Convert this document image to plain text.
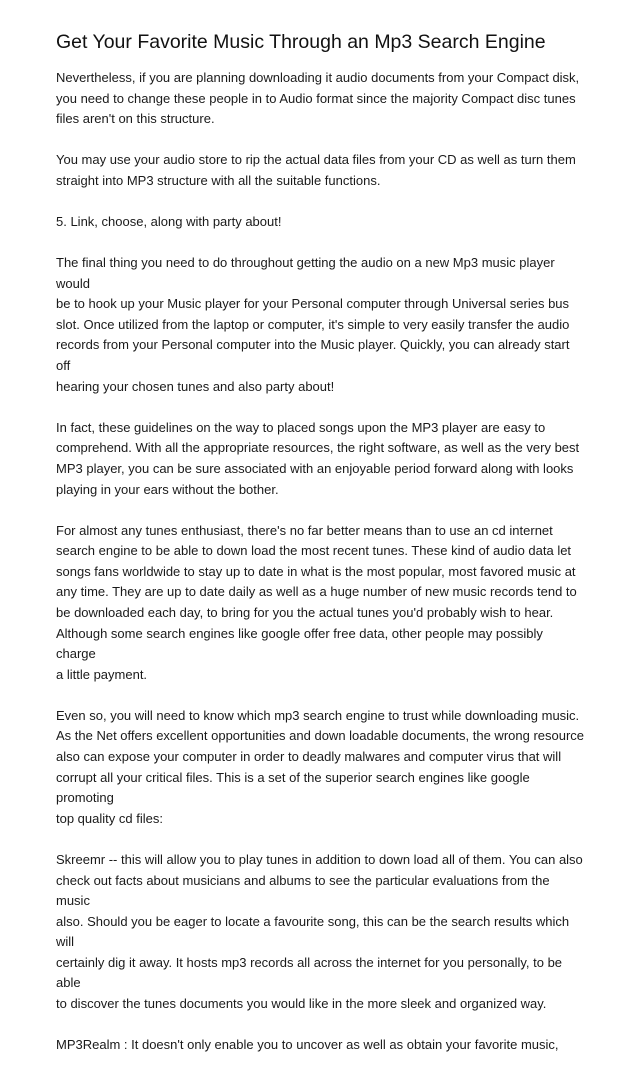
Get Your Favorite Music Through an Mp3 Search Engine

Nevertheless, if you are planning downloading it audio documents from your Compact disk,
you need to change these people in to Audio format since the majority Compact disc tunes
files aren't on this structure.

You may use your audio store to rip the actual data files from your CD as well as turn them
straight into MP3 structure with all the suitable functions.

5. Link, choose, along with party about!

The final thing you need to do throughout getting the audio on a new Mp3 music player would
be to hook up your Music player for your Personal computer through Universal series bus
slot. Once utilized from the laptop or computer, it's simple to very easily transfer the audio
records from your Personal computer into the Music player. Quickly, you can already start off
hearing your chosen tunes and also party about!

In fact, these guidelines on the way to placed songs upon the MP3 player are easy to
comprehend. With all the appropriate resources, the right software, as well as the very best
MP3 player, you can be sure associated with an enjoyable period forward along with looks
playing in your ears without the bother.

For almost any tunes enthusiast, there's no far better means than to use an cd internet
search engine to be able to down load the most recent tunes. These kind of audio data let
songs fans worldwide to stay up to date in what is the most popular, most favored music at
any time. They are up to date daily as well as a huge number of new music records tend to
be downloaded each day, to bring for you the actual tunes you'd probably wish to hear.
Although some search engines like google offer free data, other people may possibly charge
a little payment.

Even so, you will need to know which mp3 search engine to trust while downloading music.
As the Net offers excellent opportunities and down loadable documents, the wrong resource
also can expose your computer in order to deadly malwares and computer virus that will
corrupt all your critical files. This is a set of the superior search engines like google promoting
top quality cd files:

Skreemr -- this will allow you to play tunes in addition to down load all of them. You can also
check out facts about musicians and albums to see the particular evaluations from the music
also. Should you be eager to locate a favourite song, this can be the search results which will
certainly dig it away. It hosts mp3 records all across the internet for you personally, to be able
to discover the tunes documents you would like in the more sleek and organized way.

MP3Realm : It doesn't only enable you to uncover as well as obtain your favorite music,
